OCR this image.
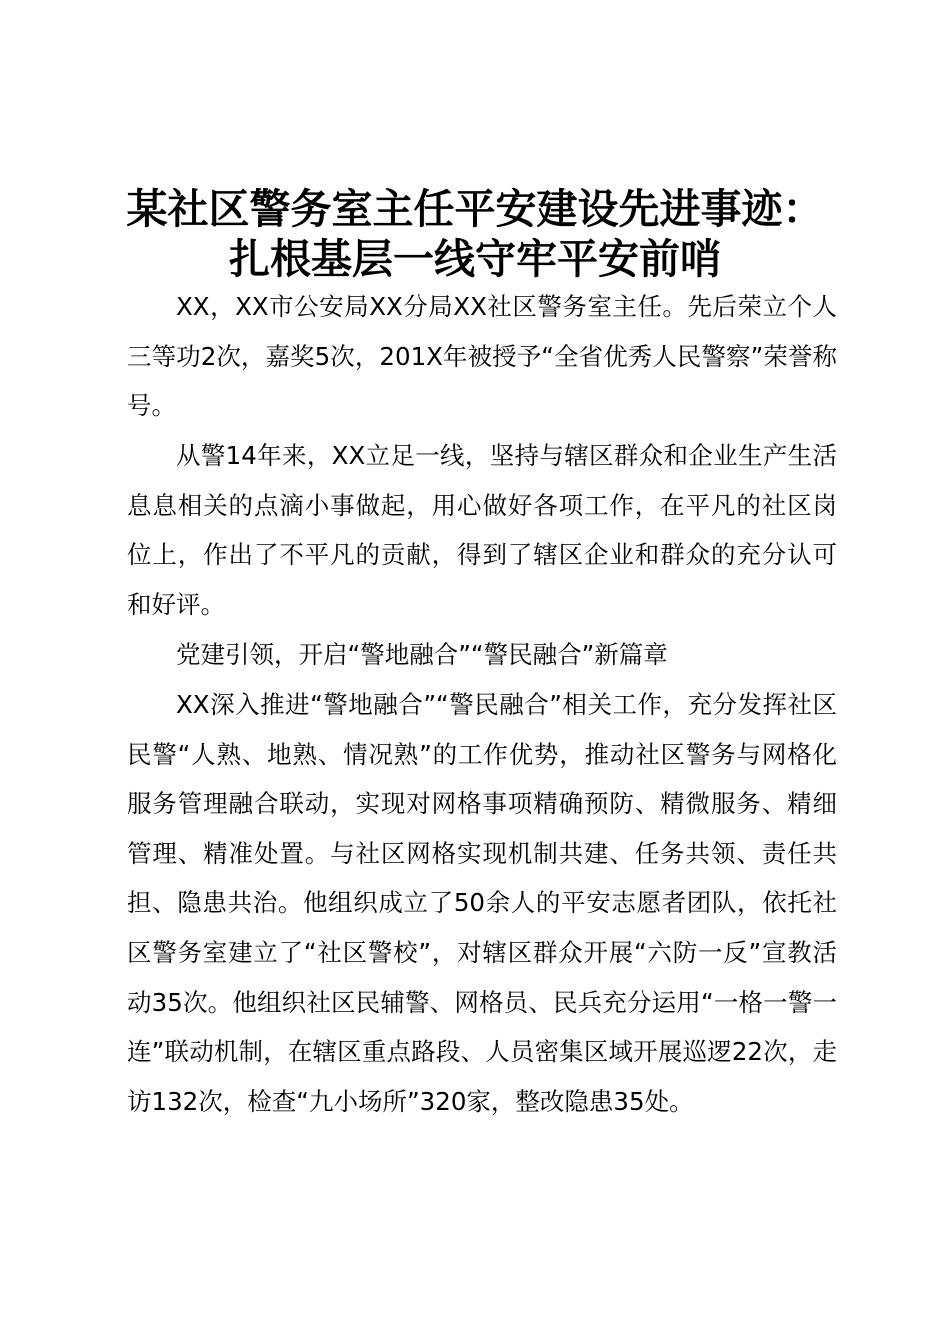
某社区警务室主任平安建设先进事迹：
扎根基层一线守牢平安前哨

XX，XX市公安局XX分局XX社区警务室主任。先后荣立个人三等功2次，嘉奖5次，201X年被授予“全省优秀人民警察”荣誉称号。

从警14年来，XX立足一线，坚持与辖区群众和企业生产生活息息相关的点滴小事做起，用心做好各项工作，在平凡的社区岗位上，作出了不平凡的贡献，得到了辖区企业和群众的充分认可和好评。

党建引领，开启“警地融合”“警民融合”新篇章

XX深入推进“警地融合”“警民融合”相关工作，充分发挥社区民警“人熟、地熟、情况熟”的工作优势，推动社区警务与网格化服务管理融合联动，实现对网格事项精确预防、精微服务、精细管理、精准处置。与社区网格实现机制共建、任务共领、责任共担、隐患共治。他组织成立了50余人的平安志愿者团队，依托社区警务室建立了“社区警校”，对辖区群众开展“六防一反”宣教活动35次。他组织社区民辅警、网格员、民兵充分运用“一格一警一连”联动机制，在辖区重点路段、人员密集区域开展巡逻22次，走访132次，检查“九小场所”320家，整改隐患35处。
